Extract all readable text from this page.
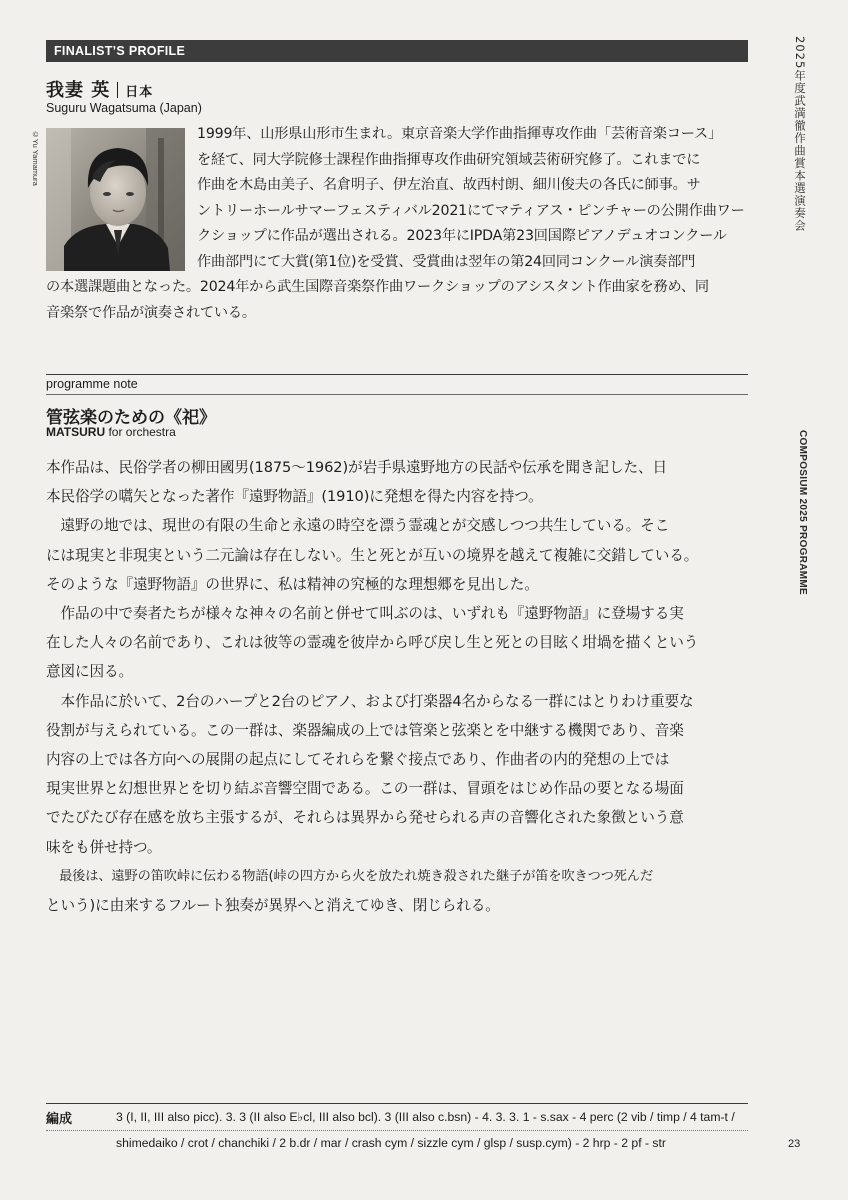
FINALIST’S PROFILE	2025年度武満徹作曲賞本選演奏会
COMPOSIUM 2025 PROGRAMME
我妻 英 日本
Suguru Wagatsuma (Japan)
©Yu Yamamura	1999年、山形県山形市生まれ。東京音楽大学作曲指揮専攻作曲「芸術音楽コース」
を経て、同大学院修士課程作曲指揮専攻作曲研究領域芸術研究修了。これまでに
作曲を木島由美子、名倉明子、伊左治直、故西村朗、細川俊夫の各氏に師事。サ
ントリーホールサマーフェスティバル2021にてマティアス・ピンチャーの公開作曲ワー
クショップに作品が選出される。2023年にIPDA第23回国際ピアノデュオコンクール
作曲部門にて大賞(第1位)を受賞、受賞曲は翌年の第24回同コンクール演奏部門
の本選課題曲となった。2024年から武生国際音楽祭作曲ワークショップのアシスタント作曲家を務め、同
音楽祭で作品が演奏されている。
programme note
管弦楽のための《祀》
MATSURU for orchestra
本作品は、民俗学者の柳田國男(1875～1962)が岩手県遠野地方の民話や伝承を聞き記した、日
本民俗学の嚆矢となった著作『遠野物語』(1910)に発想を得た内容を持つ。
　遠野の地では、現世の有限の生命と永遠の時空を漂う霊魂とが交感しつつ共生している。そこ
には現実と非現実という二元論は存在しない。生と死とが互いの境界を越えて複雑に交錯している。
そのような『遠野物語』の世界に、私は精神の究極的な理想郷を見出した。
　作品の中で奏者たちが様々な神々の名前と併せて叫ぶのは、いずれも『遠野物語』に登場する実
在した人々の名前であり、これは彼等の霊魂を彼岸から呼び戻し生と死との目眩く坩堝を描くという
意図に因る。
　本作品に於いて、2台のハープと2台のピアノ、および打楽器4名からなる一群にはとりわけ重要な
役割が与えられている。この一群は、楽器編成の上では管楽と弦楽とを中継する機関であり、音楽
内容の上では各方向への展開の起点にしてそれらを繋ぐ接点であり、作曲者の内的発想の上では
現実世界と幻想世界とを切り結ぶ音響空間である。この一群は、冒頭をはじめ作品の要となる場面
でたびたび存在感を放ち主張するが、それらは異界から発せられる声の音響化された象徴という意
味をも併せ持つ。
　最後は、遠野の笛吹峠に伝わる物語(峠の四方から火を放たれ焼き殺された継子が笛を吹きつつ死んだ
という)に由来するフルート独奏が異界へと消えてゆき、閉じられる。
編成	3 (I, II, III also picc). 3. 3 (II also E♭cl, III also bcl). 3 (III also c.bsn) - 4. 3. 3. 1 - s.sax - 4 perc (2 vib / timp / 4 tam-t /
shimedaiko / crot / chanchiki / 2 b.dr / mar / crash cym / sizzle cym / glsp / susp.cym) - 2 hrp - 2 pf - str	23
